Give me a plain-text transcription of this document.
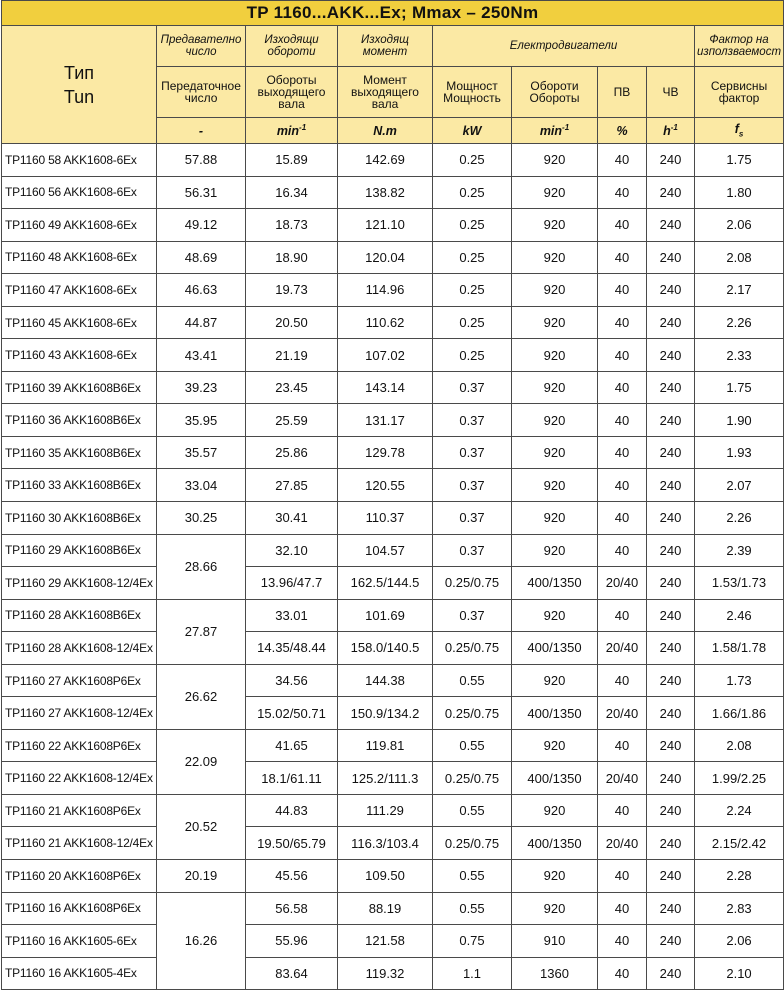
TP 1160...AKK...Ex; Mmax – 250Nm								

Тип
Tun	Предавателно число	Изходящи обороти	Изходящ момент	Електродвигатели				Фактор на използваемост
	Передаточное число	Обороты выходящего вала	Момент выходящего вала	Мощност Мощность	Обороти Обороты	ПВ	ЧВ	Сервисны фактор
	-	$\min^{-1}$	N.m	kW	$\min^{-1}$	%	$h^{-1}$	$f_s$
TP1160 58 AKK1608-6Ex	57.88	15.89	142.69	0.25	920	40	240	1.75
TP1160 56 AKK1608-6Ex	56.31	16.34	138.82	0.25	920	40	240	1.80
TP1160 49 AKK1608-6Ex	49.12	18.73	121.10	0.25	920	40	240	2.06
TP1160 48 AKK1608-6Ex	48.69	18.90	120.04	0.25	920	40	240	2.08
TP1160 47 AKK1608-6Ex	46.63	19.73	114.96	0.25	920	40	240	2.17
TP1160 45 AKK1608-6Ex	44.87	20.50	110.62	0.25	920	40	240	2.26
TP1160 43 AKK1608-6Ex	43.41	21.19	107.02	0.25	920	40	240	2.33
TP1160 39 AKK1608B6Ex	39.23	23.45	143.14	0.37	920	40	240	1.75
TP1160 36 AKK1608B6Ex	35.95	25.59	131.17	0.37	920	40	240	1.90
TP1160 35 AKK1608B6Ex	35.57	25.86	129.78	0.37	920	40	240	1.93
TP1160 33 AKK1608B6Ex	33.04	27.85	120.55	0.37	920	40	240	2.07
TP1160 30 AKK1608B6Ex	30.25	30.41	110.37	0.37	920	40	240	2.26
TP1160 29 AKK1608B6Ex	28.66	32.10	104.57	0.37	920	40	240	2.39
TP1160 29 AKK1608-12/4Ex		13.96/47.7	162.5/144.5	0.25/0.75	400/1350	20/40	240	1.53/1.73
TP1160 28 AKK1608B6Ex	27.87	33.01	101.69	0.37	920	40	240	2.46
TP1160 28 AKK1608-12/4Ex		14.35/48.44	158.0/140.5	0.25/0.75	400/1350	20/40	240	1.58/1.78
TP1160 27 AKK1608P6Ex	26.62	34.56	144.38	0.55	920	40	240	1.73
TP1160 27 AKK1608-12/4Ex		15.02/50.71	150.9/134.2	0.25/0.75	400/1350	20/40	240	1.66/1.86
TP1160 22 AKK1608P6Ex	22.09	41.65	119.81	0.55	920	40	240	2.08
TP1160 22 AKK1608-12/4Ex		18.1/61.11	125.2/111.3	0.25/0.75	400/1350	20/40	240	1.99/2.25
TP1160 21 AKK1608P6Ex	20.52	44.83	111.29	0.55	920	40	240	2.24
TP1160 21 AKK1608-12/4Ex		19.50/65.79	116.3/103.4	0.25/0.75	400/1350	20/40	240	2.15/2.42
TP1160 20 AKK1608P6Ex	20.19	45.56	109.50	0.55	920	40	240	2.28
TP1160 16 AKK1608P6Ex	16.26	56.58	88.19	0.55	920	40	240	2.83
TP1160 16 AKK1605-6Ex		55.96	121.58	0.75	910	40	240	2.06
TP1160 16 AKK1605-4Ex		83.64	119.32	1.1	1360	40	240	2.10
